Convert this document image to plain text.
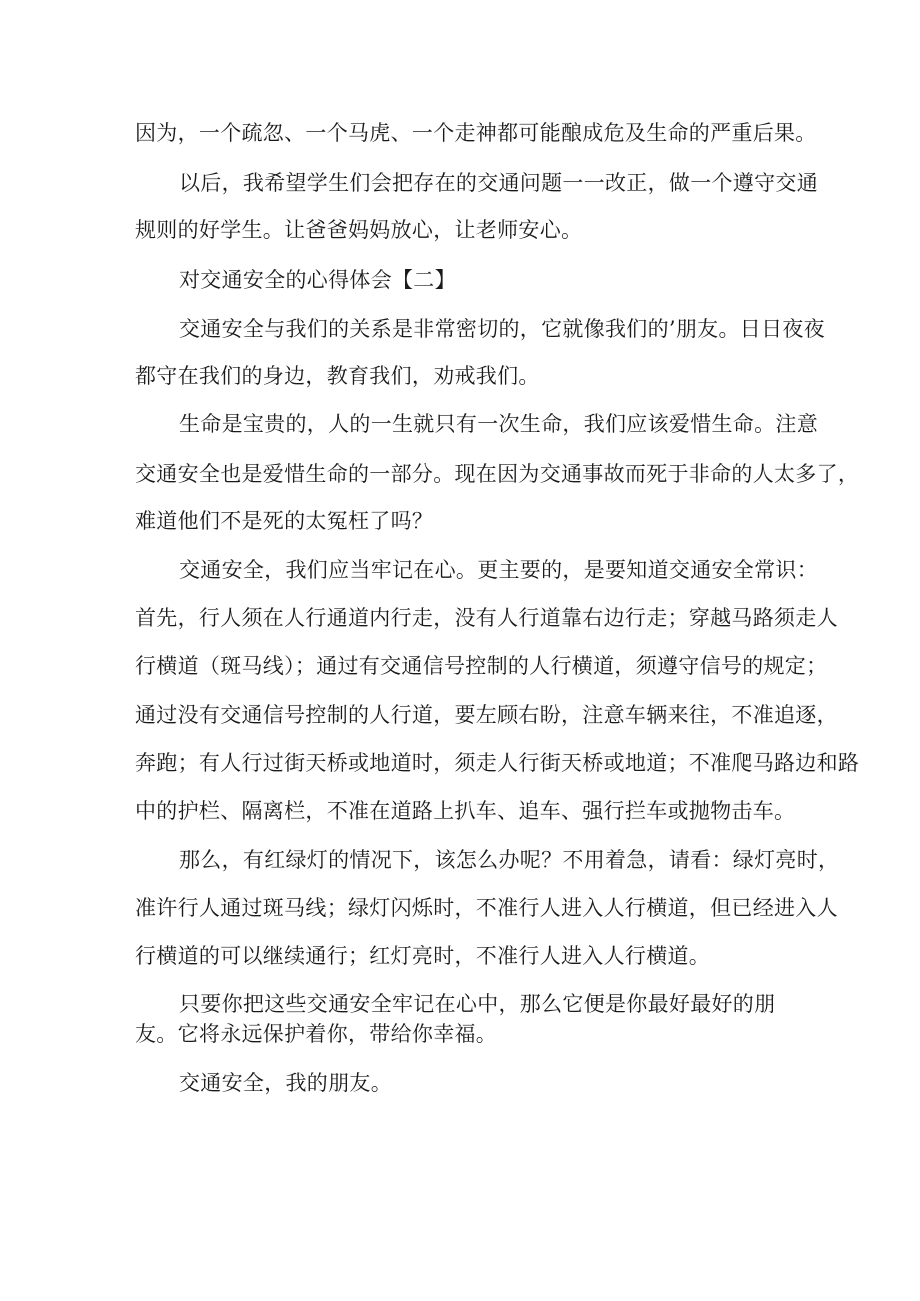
因为，一个疏忽、一个马虎、一个走神都可能酿成危及生命的严重后果。
以后，我希望学生们会把存在的交通问题一一改正，做一个遵守交通
规则的好学生。让爸爸妈妈放心，让老师安心。
对交通安全的心得体会【二】
交通安全与我们的关系是非常密切的，它就像我们的’朋友。日日夜夜
都守在我们的身边，教育我们，劝戒我们。
生命是宝贵的，人的一生就只有一次生命，我们应该爱惜生命。注意
交通安全也是爱惜生命的一部分。现在因为交通事故而死于非命的人太多了，
难道他们不是死的太冤枉了吗？
交通安全，我们应当牢记在心。更主要的，是要知道交通安全常识：
首先，行人须在人行通道内行走，没有人行道靠右边行走；穿越马路须走人
行横道（斑马线）；通过有交通信号控制的人行横道，须遵守信号的规定；
通过没有交通信号控制的人行道，要左顾右盼，注意车辆来往，不准追逐，
奔跑；有人行过街天桥或地道时，须走人行街天桥或地道；不准爬马路边和路
中的护栏、隔离栏，不准在道路上扒车、追车、强行拦车或抛物击车。
那么，有红绿灯的情况下，该怎么办呢？不用着急，请看：绿灯亮时，
准许行人通过斑马线；绿灯闪烁时，不准行人进入人行横道，但已经进入人
行横道的可以继续通行；红灯亮时，不准行人进入人行横道。
只要你把这些交通安全牢记在心中，那么它便是你最好最好的朋
友。它将永远保护着你，带给你幸福。
交通安全，我的朋友。
